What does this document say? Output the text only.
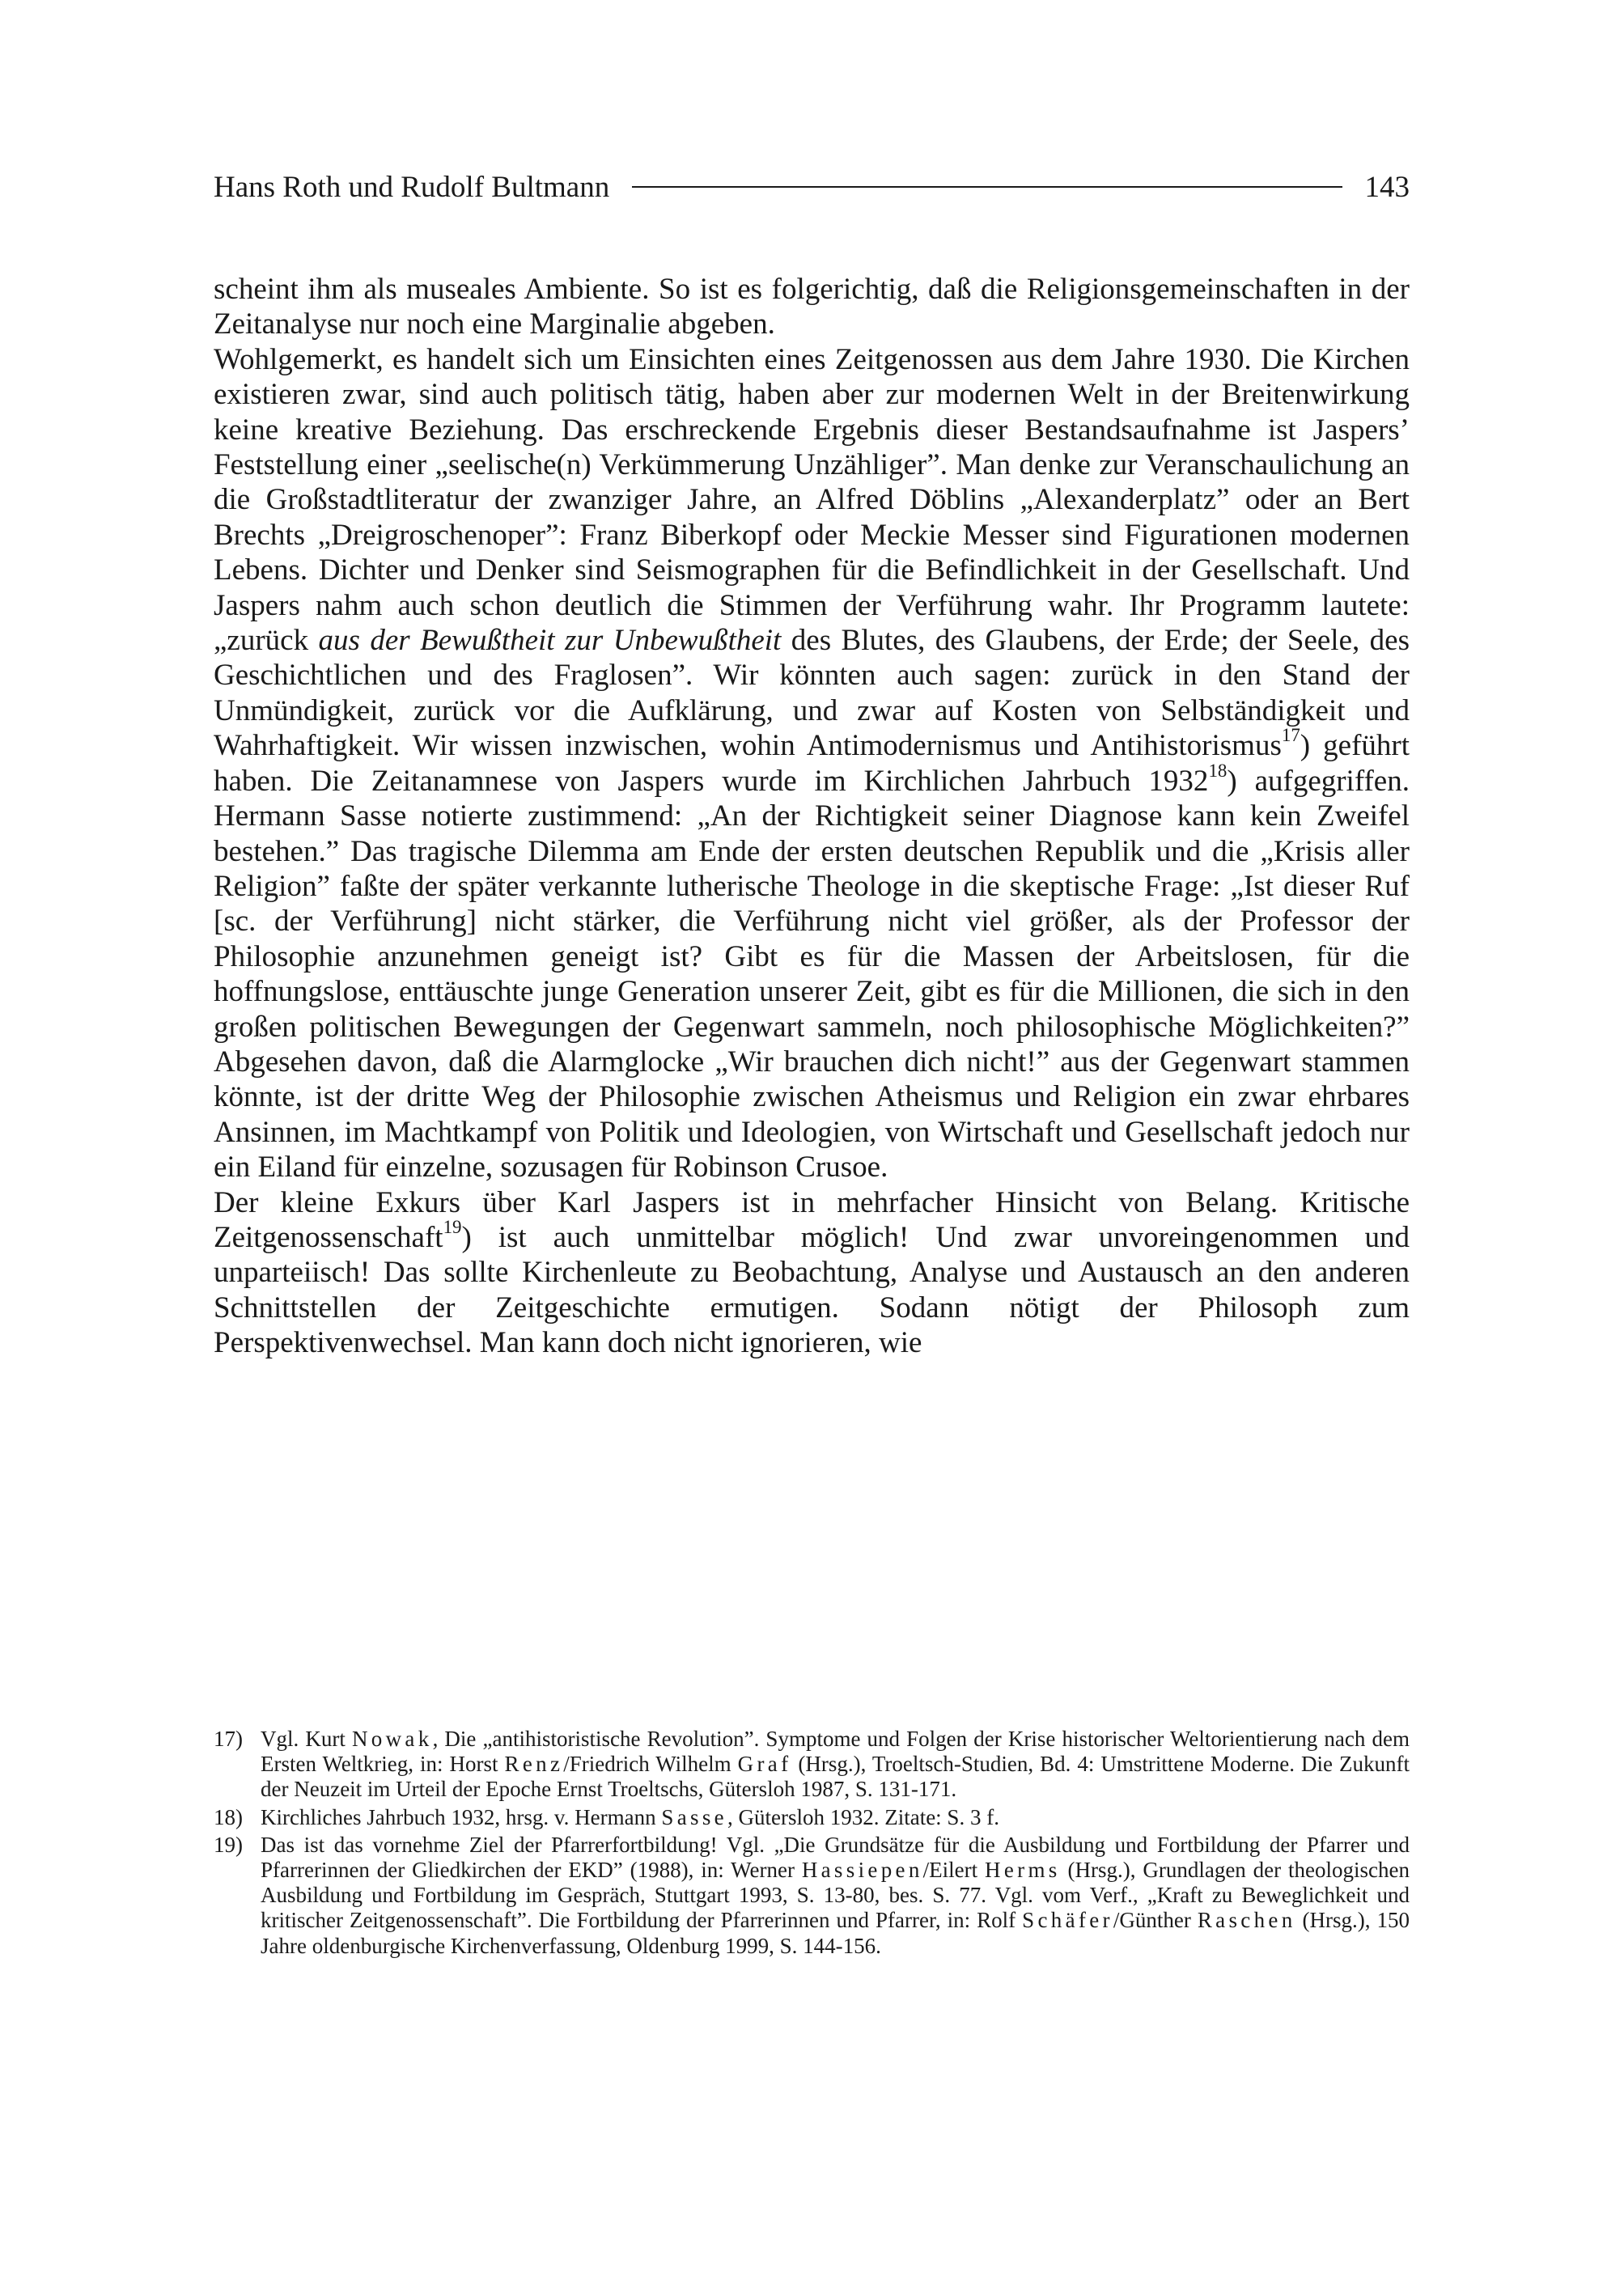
Hans Roth und Rudolf Bultmann	143

scheint ihm als museales Ambiente. So ist es folgerichtig, daß die Religionsgemeinschaften in der Zeitanalyse nur noch eine Marginalie abgeben.

Wohlgemerkt, es handelt sich um Einsichten eines Zeitgenossen aus dem Jahre 1930. Die Kirchen existieren zwar, sind auch politisch tätig, haben aber zur modernen Welt in der Breitenwirkung keine kreative Beziehung. Das erschreckende Ergebnis dieser Bestandsaufnahme ist Jaspers’ Feststellung einer „seelische(n) Verkümmerung Unzähliger”. Man denke zur Veranschaulichung an die Großstadtliteratur der zwanziger Jahre, an Alfred Döblins „Alexanderplatz” oder an Bert Brechts „Dreigroschenoper”: Franz Biberkopf oder Meckie Messer sind Figurationen modernen Lebens. Dichter und Denker sind Seismographen für die Befindlichkeit in der Gesellschaft. Und Jaspers nahm auch schon deutlich die Stimmen der Verführung wahr. Ihr Programm lautete: „zurück aus der Bewußtheit zur Unbewußtheit des Blutes, des Glaubens, der Erde; der Seele, des Geschichtlichen und des Fraglosen”. Wir könnten auch sagen: zurück in den Stand der Unmündigkeit, zurück vor die Aufklärung, und zwar auf Kosten von Selbständigkeit und Wahrhaftigkeit. Wir wissen inzwischen, wohin Antimodernismus und Antihistorismus$^{17}$) geführt haben. Die Zeitanamnese von Jaspers wurde im Kirchlichen Jahrbuch 1932$^{18}$) aufgegriffen. Hermann Sasse notierte zustimmend: „An der Richtigkeit seiner Diagnose kann kein Zweifel bestehen.” Das tragische Dilemma am Ende der ersten deutschen Republik und die „Krisis aller Religion” faßte der später verkannte lutherische Theologe in die skeptische Frage: „Ist dieser Ruf [sc. der Verführung] nicht stärker, die Verführung nicht viel größer, als der Professor der Philosophie anzunehmen geneigt ist? Gibt es für die Massen der Arbeitslosen, für die hoffnungslose, enttäuschte junge Generation unserer Zeit, gibt es für die Millionen, die sich in den großen politischen Bewegungen der Gegenwart sammeln, noch philosophische Möglichkeiten?” Abgesehen davon, daß die Alarmglocke „Wir brauchen dich nicht!” aus der Gegenwart stammen könnte, ist der dritte Weg der Philosophie zwischen Atheismus und Religion ein zwar ehrbares Ansinnen, im Machtkampf von Politik und Ideologien, von Wirtschaft und Gesellschaft jedoch nur ein Eiland für einzelne, sozusagen für Robinson Crusoe.

Der kleine Exkurs über Karl Jaspers ist in mehrfacher Hinsicht von Belang. Kritische Zeitgenossenschaft$^{19}$) ist auch unmittelbar möglich! Und zwar unvoreingenommen und unparteiisch! Das sollte Kirchenleute zu Beobachtung, Analyse und Austausch an den anderen Schnittstellen der Zeitgeschichte ermutigen. Sodann nötigt der Philosoph zum Perspektivenwechsel. Man kann doch nicht ignorieren, wie

17) Vgl. Kurt Nowak, Die „antihistoristische Revolution”. Symptome und Folgen der Krise historischer Weltorientierung nach dem Ersten Weltkrieg, in: Horst Renz/Friedrich Wilhelm Graf (Hrsg.), Troeltsch-Studien, Bd. 4: Umstrittene Moderne. Die Zukunft der Neuzeit im Urteil der Epoche Ernst Troeltschs, Gütersloh 1987, S. 131-171.
18) Kirchliches Jahrbuch 1932, hrsg. v. Hermann Sasse, Gütersloh 1932. Zitate: S. 3 f.
19) Das ist das vornehme Ziel der Pfarrerfortbildung! Vgl. „Die Grundsätze für die Ausbildung und Fortbildung der Pfarrer und Pfarrerinnen der Gliedkirchen der EKD” (1988), in: Werner Hassiepen/Eilert Herms (Hrsg.), Grundlagen der theologischen Ausbildung und Fortbildung im Gespräch, Stuttgart 1993, S. 13-80, bes. S. 77. Vgl. vom Verf., „Kraft zu Beweglichkeit und kritischer Zeitgenossenschaft”. Die Fortbildung der Pfarrerinnen und Pfarrer, in: Rolf Schäfer/Günther Raschen (Hrsg.), 150 Jahre oldenburgische Kirchenverfassung, Oldenburg 1999, S. 144-156.
